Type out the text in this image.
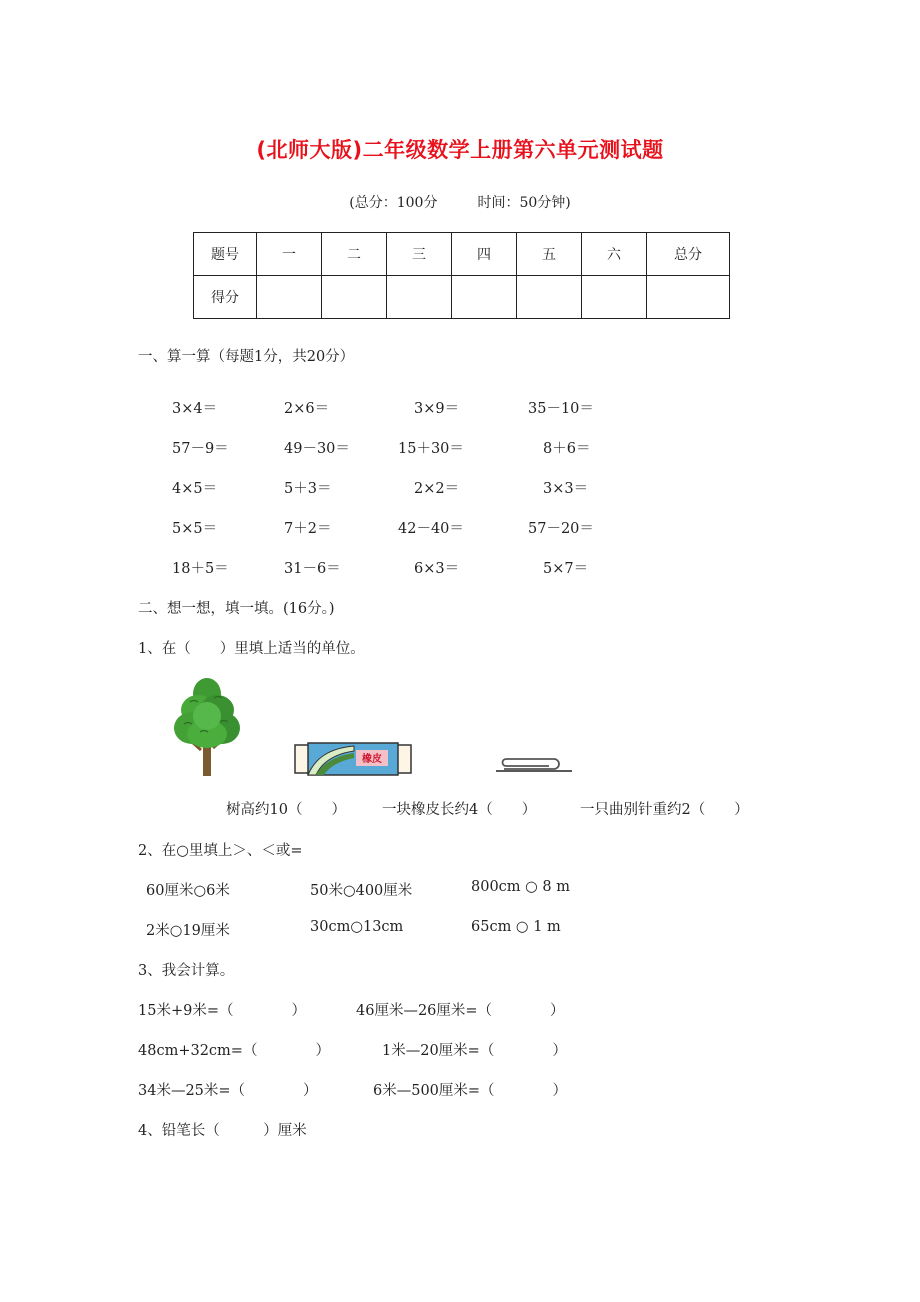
(北师大版)二年级数学上册第六单元测试题
(总分：100分	时间：50分钟)
题号	一	二	三	四	五	六	总分
得分							
一、算一算（每题1分，共20分）
3×4＝	2×6＝	3×9＝	35－10＝
57－9＝	49－30＝	15＋30＝	8＋6＝
4×5＝	5＋3＝	2×2＝	3×3＝
5×5＝	7＋2＝	42－40＝	57－20＝
18＋5＝	31－6＝	6×3＝	5×7＝
二、想一想，填一填。(16分。)
1、在（　　）里填上适当的单位。
橡皮
树高约10（　　） 一块橡皮长约4（　　）	一只曲别针重约2（　　）
2、在○里填上＞、＜或=
60厘米○6米	50米○400厘米	800cm ○ 8 m
2米○19厘米	30cm○13cm	65cm ○ 1 m
3、我会计算。
15米+9米=（　　　　）	46厘米—26厘米=（　　　　）
48cm+32cm=（　　　　）	1米—20厘米=（　　　　）
34米—25米=（　　　　）	6米—500厘米=（　　　　）
4、铅笔长（　　　）厘米
